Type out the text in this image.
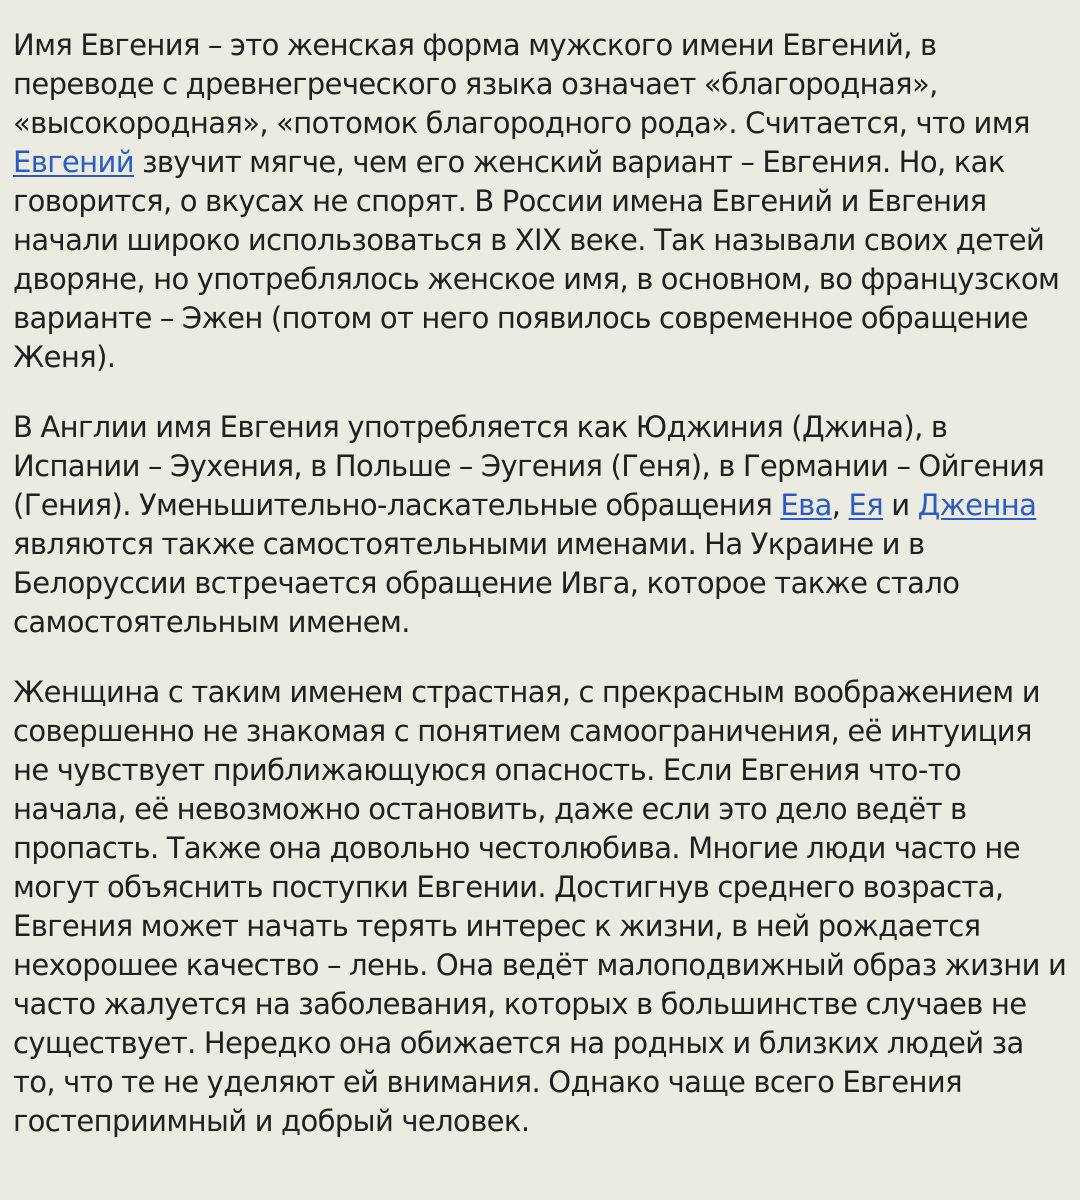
Имя Евгения – это женская форма мужского имени Евгений, в переводе с древнегреческого языка означает «благородная», «высокородная», «потомок благородного рода». Считается, что имя Евгений звучит мягче, чем его женский вариант – Евгения. Но, как говорится, о вкусах не спорят. В России имена Евгений и Евгения начали широко использоваться в XIX веке. Так называли своих детей дворяне, но употреблялось женское имя, в основном, во французском варианте – Эжен (потом от него появилось современное обращение Женя).

В Англии имя Евгения употребляется как Юджиния (Джина), в Испании – Эухения, в Польше – Эугения (Геня), в Германии – Ойгения (Гения). Уменьшительно-ласкательные обращения Ева, Ея и Дженна являются также самостоятельными именами. На Украине и в Белоруссии встречается обращение Ивга, которое также стало самостоятельным именем.

Женщина с таким именем страстная, с прекрасным воображением и совершенно не знакомая с понятием самоограничения, её интуиция не чувствует приближающуюся опасность. Если Евгения что-то начала, её невозможно остановить, даже если это дело ведёт в пропасть. Также она довольно честолюбива. Многие люди часто не могут объяснить поступки Евгении. Достигнув среднего возраста, Евгения может начать терять интерес к жизни, в ней рождается нехорошее качество – лень. Она ведёт малоподвижный образ жизни и часто жалуется на заболевания, которых в большинстве случаев не существует. Нередко она обижается на родных и близких людей за то, что те не уделяют ей внимания. Однако чаще всего Евгения гостеприимный и добрый человек.
